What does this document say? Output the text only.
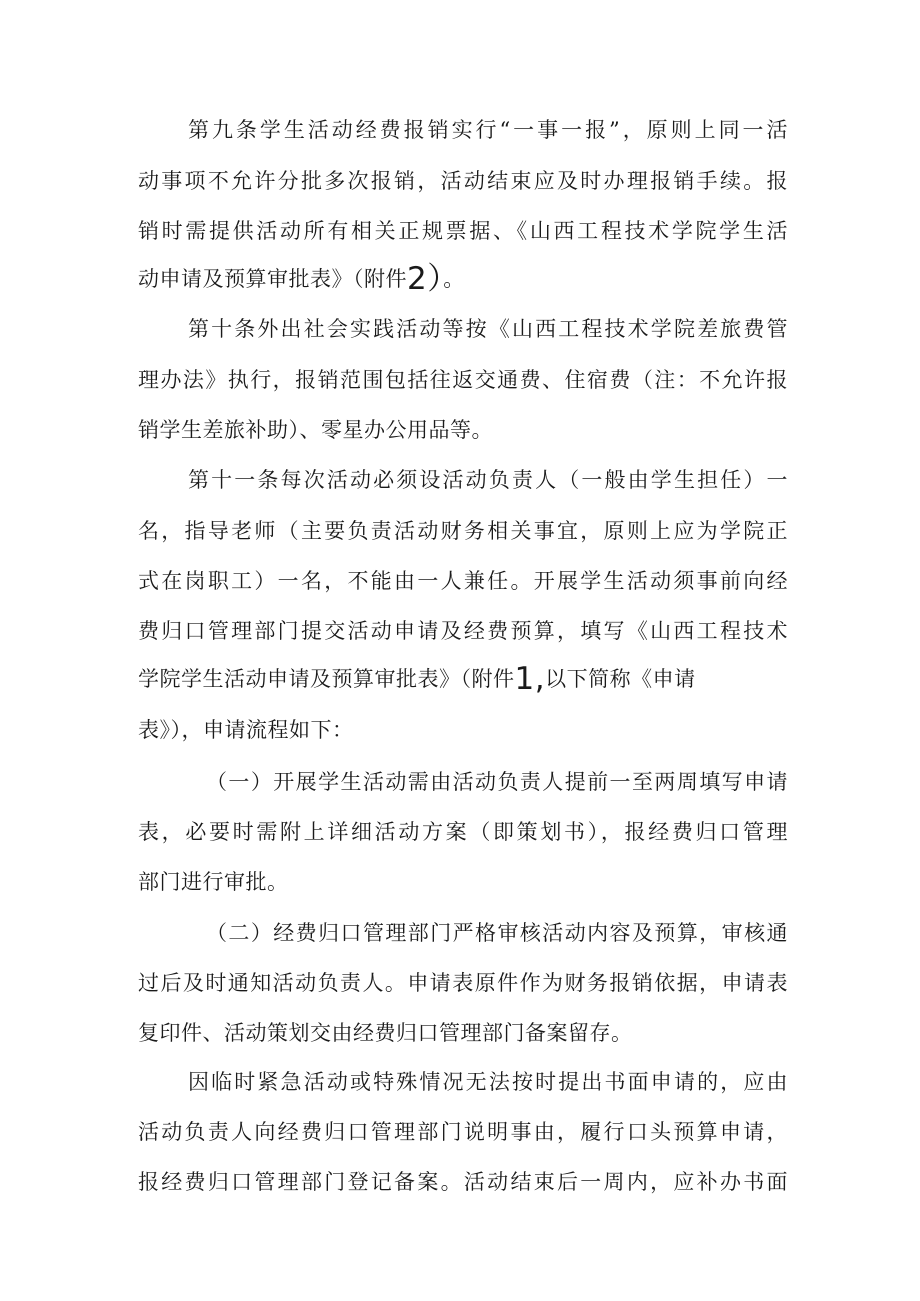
第九条学生活动经费报销实行“一事一报”，原则上同一活
动事项不允许分批多次报销，活动结束应及时办理报销手续。报
销时需提供活动所有相关正规票据、《山西工程技术学院学生活
动申请及预算审批表》（附件2）。
第十条外出社会实践活动等按《山西工程技术学院差旅费管
理办法》执行，报销范围包括往返交通费、住宿费（注：不允许报
销学生差旅补助）、零星办公用品等。
第十一条每次活动必须设活动负责人（一般由学生担任）一
名，指导老师（主要负责活动财务相关事宜，原则上应为学院正
式在岗职工）一名，不能由一人兼任。开展学生活动须事前向经
费归口管理部门提交活动申请及经费预算，填写《山西工程技术
学院学生活动申请及预算审批表》（附件1,以下简称《申请
表》），申请流程如下：
（一）开展学生活动需由活动负责人提前一至两周填写申请
表，必要时需附上详细活动方案（即策划书），报经费归口管理
部门进行审批。
（二）经费归口管理部门严格审核活动内容及预算，审核通
过后及时通知活动负责人。申请表原件作为财务报销依据，申请表
复印件、活动策划交由经费归口管理部门备案留存。
因临时紧急活动或特殊情况无法按时提出书面申请的，应由
活动负责人向经费归口管理部门说明事由，履行口头预算申请，
报经费归口管理部门登记备案。活动结束后一周内，应补办书面
